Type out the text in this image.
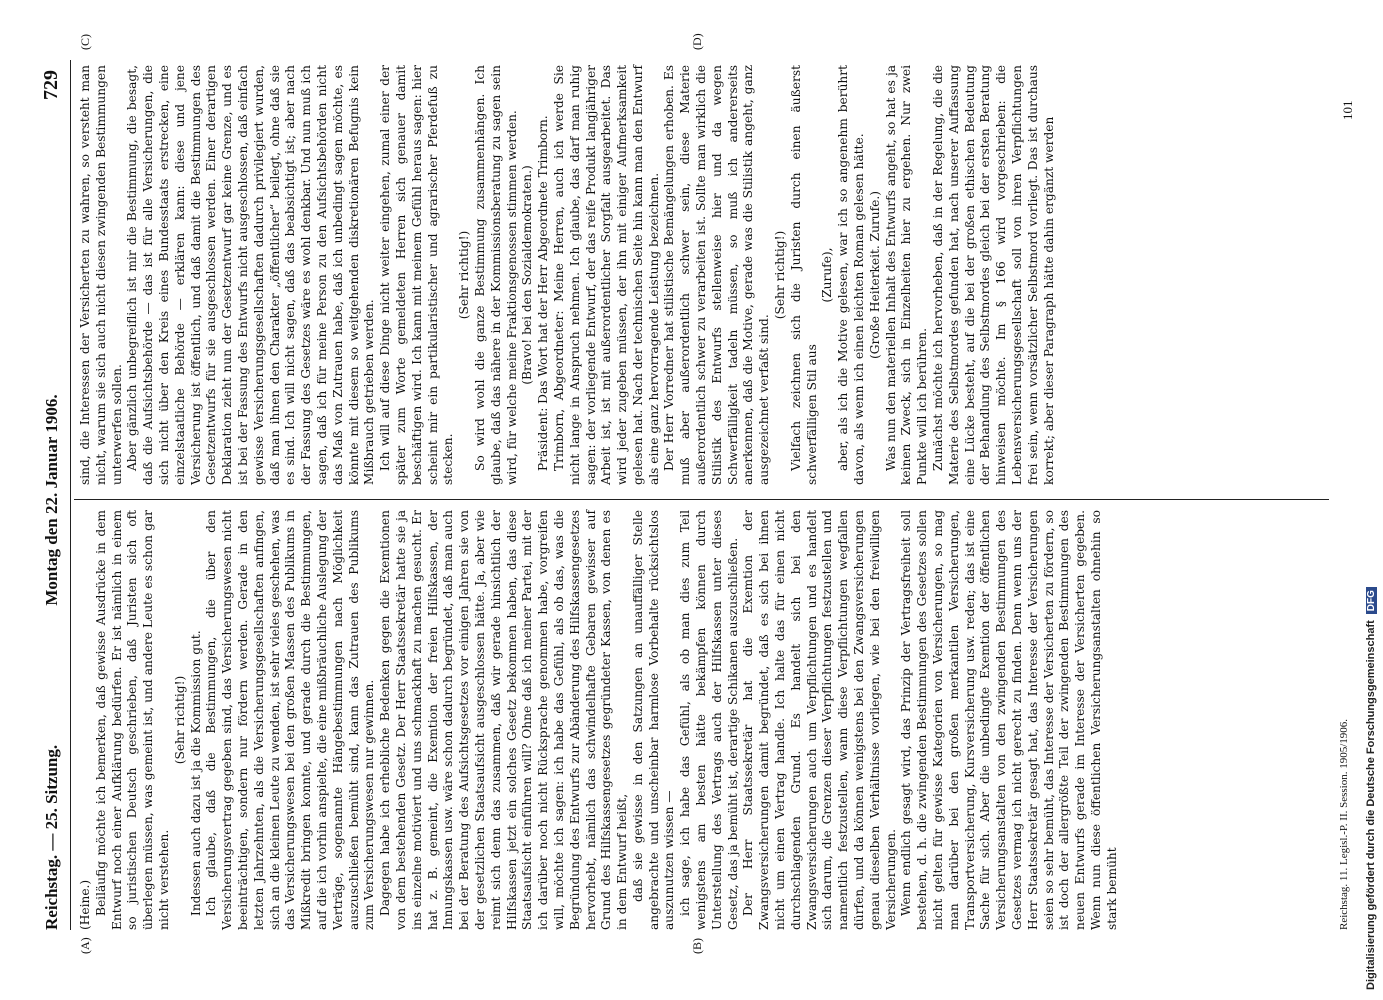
Reichstag. — 25. Sitzung.
Montag den 22. Januar 1906.
729
(A)	(B)
(C)	(D)

(Heine.) Beiläufig möchte ich bemerken, daß gewisse Ausdrücke in dem Entwurf noch einer Aufklärung bedürfen. Er ist nämlich in einem so juristischen Deutsch geschrieben, daß Juristen sich oft überlegen müssen, was gemeint ist, und andere Leute es schon gar nicht verstehen.

(Sehr richtig!) Indessen auch dazu ist ja die Kommission gut. Ich glaube, daß die Bestimmungen, die über den Versicherungsvertrag gegeben sind, das Versicherungswesen nicht beeinträchtigen, sondern nur fördern werden. Gerade in den letzten Jahrzehnten, als die Versicherungsgesellschaften anfingen, sich an die kleinen Leute zu wenden, ist sehr vieles geschehen, was das Versicherungswesen bei den großen Massen des Publikums in Mißkredit bringen konnte, und gerade durch die Bestimmungen, auf die ich vorhin anspielte, die eine mißbräuchliche Auslegung der Verträge, sogenannte Hängebestimmungen nach Möglichkeit auszuschließen bemüht sind, kann das Zutrauen des Publikums zum Versicherungswesen nur gewinnen. Dagegen habe ich erhebliche Bedenken gegen die Exemtionen von dem bestehenden Gesetz. Der Herr Staatssekretär hatte sie ja ins einzelne motiviert und uns schmackhaft zu machen gesucht. Er hat z. B. gemeint, die Exemtion der freien Hilfskassen, der Innungskassen usw. wäre schon dadurch begründet, daß man auch bei der Beratung des Aufsichtsgesetzes vor einigen Jahren sie von der gesetzlichen Staatsaufsicht ausgeschlossen hätte. Ja, aber wie reimt sich denn das zusammen, daß wir gerade hinsichtlich der Hilfskassen jetzt ein solches Gesetz bekommen haben, das diese Staatsaufsicht einführen will? Ohne daß ich meiner Partei, mit der ich darüber noch nicht Rücksprache genommen habe, vorgreifen will, möchte ich sagen: ich habe das Gefühl, als ob das, was die Begründung des Entwurfs zur Abänderung des Hilfskassengesetzes hervorhebt, nämlich das schwindelhafte Gebaren gewisser auf Grund des Hilfskassengesetzes gegründeter Kassen, von denen es in dem Entwurf heißt, daß sie gewisse in den Satzungen an unauffälliger Stelle angebrachte und unscheinbar harmlose Vorbehalte rücksichtslos auszunutzen wissen — ich sage, ich habe das Gefühl, als ob man dies zum Teil wenigstens am besten hätte bekämpfen können durch Unterstellung des Vertrags auch der Hilfskassen unter dieses Gesetz, das ja bemüht ist, derartige Schikanen auszuschließen. Der Herr Staatssekretär hat die Exemtion der Zwangsversicherungen damit begründet, daß es sich bei ihnen nicht um einen Vertrag handle. Ich halte das für einen nicht durchschlagenden Grund. Es handelt sich bei den Zwangsversicherungen auch um Verpflichtungen und es handelt sich darum, die Grenzen dieser Verpflichtungen festzustellen und namentlich festzustellen, wann diese Verpflichtungen wegfallen dürfen, und da können wenigstens bei den Zwangsversicherungen genau dieselben Verhältnisse vorliegen, wie bei den freiwilligen Versicherungen. Wenn endlich gesagt wird, das Prinzip der Vertragsfreiheit soll bestehen, d. h. die zwingenden Bestimmungen des Gesetzes sollen nicht gelten für gewisse Kategorien von Versicherungen, so mag man darüber bei den großen merkantilen Versicherungen, Transportversicherung, Kursversicherung usw. reden; das ist eine Sache für sich. Aber die unbedingte Exemtion der öffentlichen Versicherungsanstalten von den zwingenden Bestimmungen des Gesetzes vermag ich nicht gerecht zu finden. Denn wenn uns der Herr Staatssekretär gesagt hat, das Interesse der Versicherungen seien so sehr bemüht, das Interesse der Versicherten zu fördern, so ist doch der allergrößte Teil der zwingenden Bestimmungen des neuen Entwurfs gerade im Interesse der Versicherten gegeben. Wenn nun diese öffentlichen Versicherungsanstalten ohnehin so stark bemüht

sind, die Interessen der Versicherten zu wahren, so versteht man nicht, warum sie sich auch nicht diesen zwingenden Bestimmungen unterwerfen sollen. Aber gänzlich unbegreiflich ist mir die Bestimmung, die besagt, daß die Aufsichtsbehörde — das ist für alle Versicherungen, die sich nicht über den Kreis eines Bundesstaats erstrecken, eine einzelstaatliche Behörde — erklären kann: diese und jene Versicherung ist öffentlich, und daß damit die Bestimmungen des Gesetzentwurfs für sie ausgeschlossen werden. Einer derartigen Deklaration zieht nun der Gesetzentwurf gar keine Grenze, und es ist bei der Fassung des Entwurfs nicht ausgeschlossen, daß einfach gewisse Versicherungsgesellschaften dadurch privilegiert wurden, daß man ihnen den Charakter „öffentlicher“ beilegt, ohne daß sie es sind. Ich will nicht sagen, daß das beabsichtigt ist; aber nach der Fassung des Gesetzes wäre es wohl denkbar. Und nun muß ich sagen, daß ich für meine Person zu den Aufsichtsbehörden nicht das Maß von Zutrauen habe, daß ich unbedingt sagen möchte, es könnte mit diesem so weitgehenden diskretionären Befugnis kein Mißbrauch getrieben werden. Ich will auf diese Dinge nicht weiter eingehen, zumal einer der später zum Worte gemeldeten Herren sich genauer damit beschäftigen wird. Ich kann mit meinem Gefühl heraus sagen: hier scheint mir ein partikularistischer und agrarischer Pferdefuß zu stecken.

(Sehr richtig!) So wird wohl die ganze Bestimmung zusammenhängen. Ich glaube, daß das nähere in der Kommissionsberatung zu sagen sein wird, für welche meine Fraktionsgenossen stimmen werden. (Bravo! bei den Sozialdemokraten.) Präsident: Das Wort hat der Herr Abgeordnete Trimborn. Trimborn, Abgeordneter: Meine Herren, auch ich werde Sie nicht lange in Anspruch nehmen. Ich glaube, das darf man ruhig sagen: der vorliegende Entwurf, der das reife Produkt langjähriger Arbeit ist, ist mit außerordentlicher Sorgfalt ausgearbeitet. Das wird jeder zugeben müssen, der ihn mit einiger Aufmerksamkeit gelesen hat. Nach der technischen Seite hin kann man den Entwurf als eine ganz hervorragende Leistung bezeichnen. Der Herr Vorredner hat stilistische Bemängelungen erhoben. Es muß aber außerordentlich schwer sein, diese Materie außerordentlich schwer zu verarbeiten ist. Sollte man wirklich die Stilistik des Entwurfs stellenweise hier und da wegen Schwerfälligkeit tadeln müssen, so muß ich andererseits anerkennen, daß die Motive, gerade was die Stilistik angeht, ganz ausgezeichnet verfaßt sind.

(Sehr richtig!) Vielfach zeichnen sich die Juristen durch einen äußerst schwerfälligen Stil aus

(Zurufe), aber, als ich die Motive gelesen, war ich so angenehm berührt davon, als wenn ich einen leichten Roman gelesen hätte. (Große Heiterkeit. Zurufe.) Was nun den materiellen Inhalt des Entwurfs angeht, so hat es ja keinen Zweck, sich in Einzelheiten hier zu ergehen. Nur zwei Punkte will ich berühren. Zunächst möchte ich hervorheben, daß in der Regelung, die die Materie des Selbstmordes gefunden hat, nach unserer Auffassung eine Lücke besteht, auf die bei der großen ethischen Bedeutung der Behandlung des Selbstmordes gleich bei der ersten Beratung hinweisen möchte. Im § 166 wird vorgeschrieben: die Lebensversicherungsgesellschaft soll von ihren Verpflichtungen frei sein, wenn vorsätzlicher Selbstmord vorliegt. Das ist durchaus korrekt; aber dieser Paragraph hätte dahin ergänzt werden

Reichstag. 11. Legisl.-P. II. Session. 1905/1906.
101
Digitalisierung gefördert durch die Deutsche ForschungsgemeinschaftDFG
